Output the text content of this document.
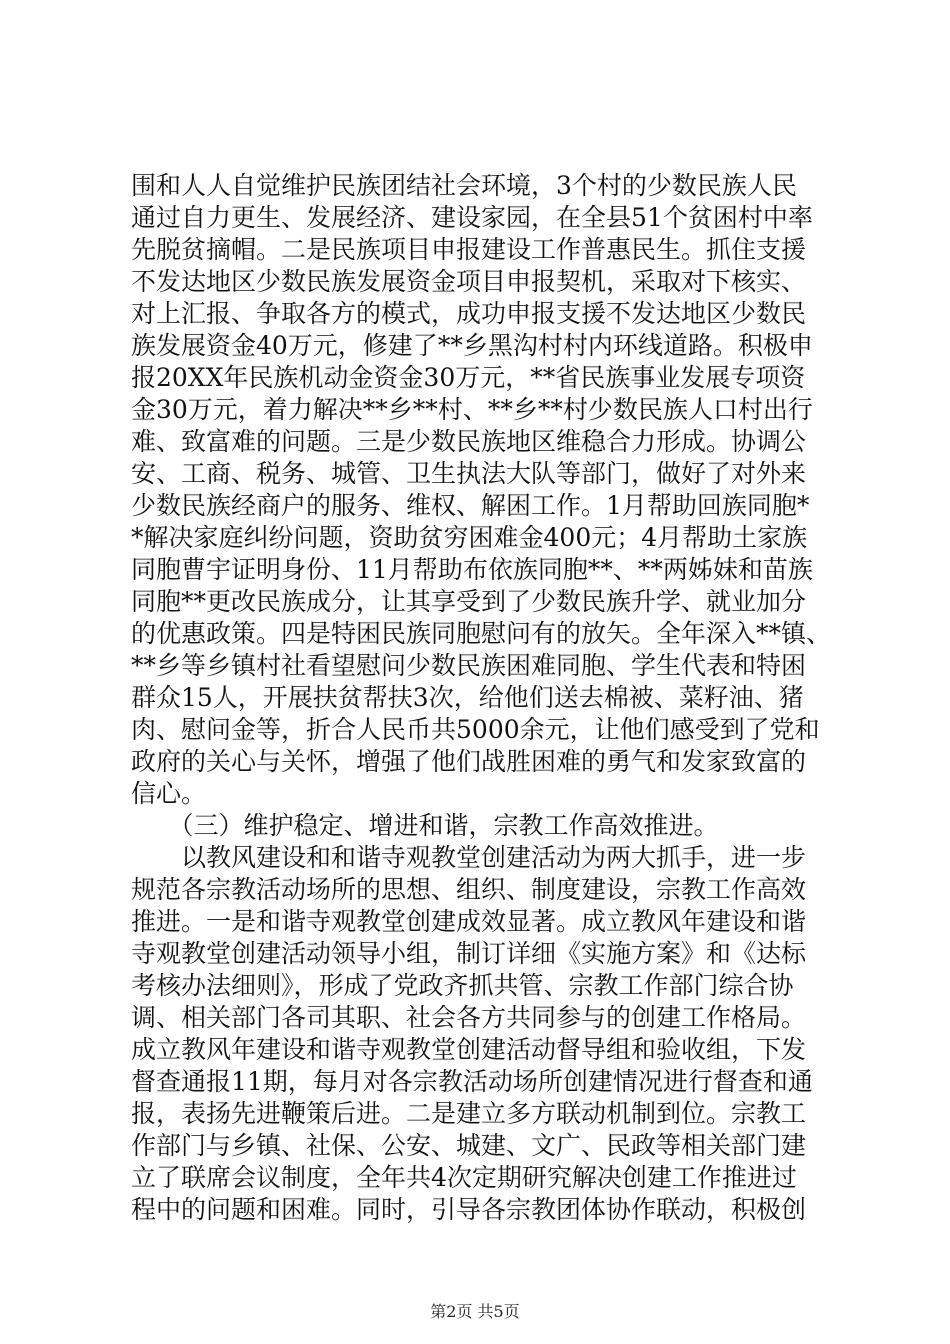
围和人人自觉维护民族团结社会环境，3个村的少数民族人民
通过自力更生、发展经济、建设家园，在全县51个贫困村中率
先脱贫摘帽。二是民族项目申报建设工作普惠民生。抓住支援
不发达地区少数民族发展资金项目申报契机，采取对下核实、
对上汇报、争取各方的模式，成功申报支援不发达地区少数民
族发展资金40万元，修建了**乡黑沟村村内环线道路。积极申
报20XX年民族机动金资金30万元，**省民族事业发展专项资
金30万元，着力解决**乡**村、**乡**村少数民族人口村出行
难、致富难的问题。三是少数民族地区维稳合力形成。协调公
安、工商、税务、城管、卫生执法大队等部门，做好了对外来
少数民族经商户的服务、维权、解困工作。1月帮助回族同胞*
*解决家庭纠纷问题，资助贫穷困难金400元；4月帮助土家族
同胞曹宇证明身份、11月帮助布依族同胞**、**两姊妹和苗族
同胞**更改民族成分，让其享受到了少数民族升学、就业加分
的优惠政策。四是特困民族同胞慰问有的放矢。全年深入**镇、
**乡等乡镇村社看望慰问少数民族困难同胞、学生代表和特困
群众15人，开展扶贫帮扶3次，给他们送去棉被、菜籽油、猪
肉、慰问金等，折合人民币共5000余元，让他们感受到了党和
政府的关心与关怀，增强了他们战胜困难的勇气和发家致富的
信心。
　　（三）维护稳定、增进和谐，宗教工作高效推进。
　　以教风建设和和谐寺观教堂创建活动为两大抓手，进一步
规范各宗教活动场所的思想、组织、制度建设，宗教工作高效
推进。一是和谐寺观教堂创建成效显著。成立教风年建设和谐
寺观教堂创建活动领导小组，制订详细《实施方案》和《达标
考核办法细则》，形成了党政齐抓共管、宗教工作部门综合协
调、相关部门各司其职、社会各方共同参与的创建工作格局。
成立教风年建设和谐寺观教堂创建活动督导组和验收组，下发
督查通报11期，每月对各宗教活动场所创建情况进行督查和通
报，表扬先进鞭策后进。二是建立多方联动机制到位。宗教工
作部门与乡镇、社保、公安、城建、文广、民政等相关部门建
立了联席会议制度，全年共4次定期研究解决创建工作推进过
程中的问题和困难。同时，引导各宗教团体协作联动，积极创
第2页 共5页
